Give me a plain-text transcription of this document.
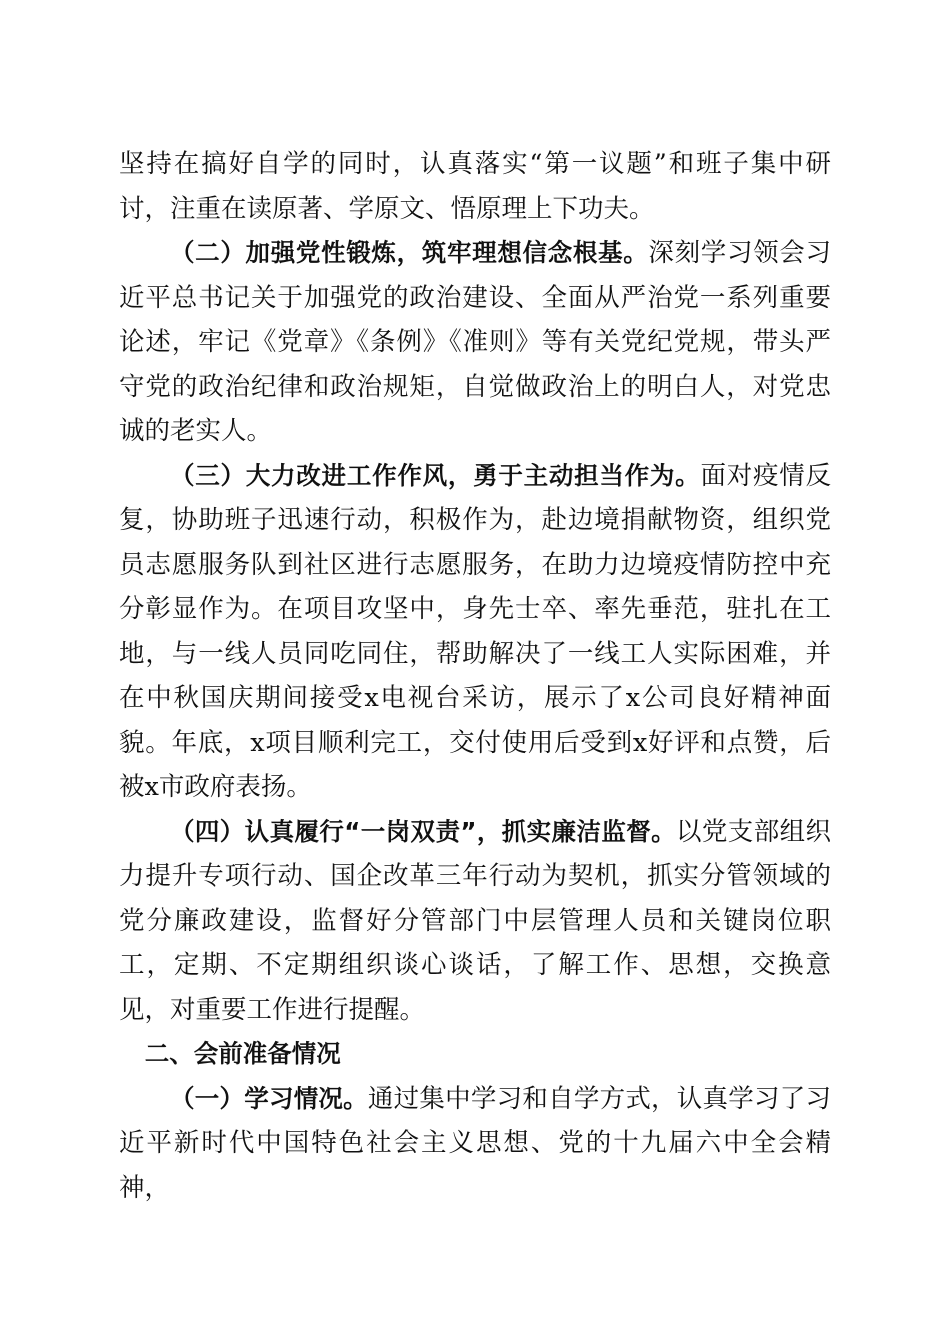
坚持在搞好自学的同时，认真落实“第一议题”和班子集中研讨，注重在读原著、学原文、悟原理上下功夫。

（二）加强党性锻炼，筑牢理想信念根基。深刻学习领会习近平总书记关于加强党的政治建设、全面从严治党一系列重要论述，牢记《党章》《条例》《准则》等有关党纪党规，带头严守党的政治纪律和政治规矩，自觉做政治上的明白人，对党忠诚的老实人。

（三）大力改进工作作风，勇于主动担当作为。面对疫情反复，协助班子迅速行动，积极作为，赴边境捐献物资，组织党员志愿服务队到社区进行志愿服务，在助力边境疫情防控中充分彰显作为。在项目攻坚中，身先士卒、率先垂范，驻扎在工地，与一线人员同吃同住，帮助解决了一线工人实际困难，并在中秋国庆期间接受x电视台采访，展示了x公司良好精神面貌。年底，x项目顺利完工，交付使用后受到x好评和点赞，后被x市政府表扬。

（四）认真履行“一岗双责”，抓实廉洁监督。以党支部组织力提升专项行动、国企改革三年行动为契机，抓实分管领域的党分廉政建设，监督好分管部门中层管理人员和关键岗位职工，定期、不定期组织谈心谈话，了解工作、思想，交换意见，对重要工作进行提醒。

二、会前准备情况

（一）学习情况。通过集中学习和自学方式，认真学习了习近平新时代中国特色社会主义思想、党的十九届六中全会精神，
